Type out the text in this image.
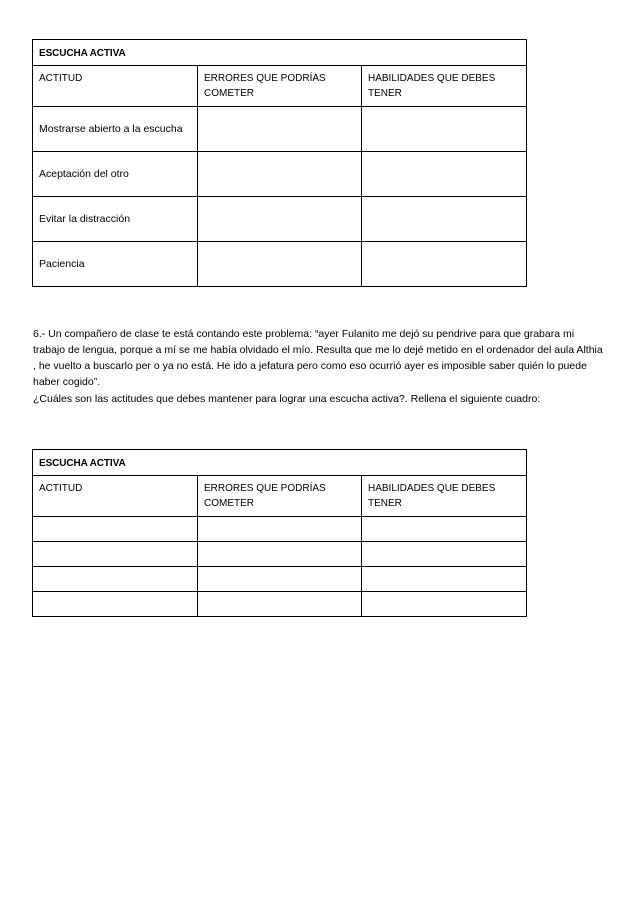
ESCUCHA ACTIVA		
ACTITUD	ERRORES QUE PODRÍAS COMETER	HABILIDADES QUE DEBES TENER
Mostrarse abierto a la escucha		
Aceptación del otro		
Evitar la distracción		
Paciencia		

6.- Un compañero de clase te está contando este problema: “ayer Fulanito me dejó su pendrive para que grabara mi trabajo de lengua, porque a mí se me había olvidado el mío. Resulta que me lo dejé metido en el ordenador del aula Althia , he vuelto a buscarlo per o ya no está. He ido a jefatura pero como eso ocurrió ayer es imposible saber quién lo puede haber cogido”.

¿Cuáles son las actitudes que debes mantener para lograr una escucha activa?. Rellena el siguiente cuadro:

ESCUCHA ACTIVA		
ACTITUD	ERRORES QUE PODRÍAS COMETER	HABILIDADES QUE DEBES TENER
